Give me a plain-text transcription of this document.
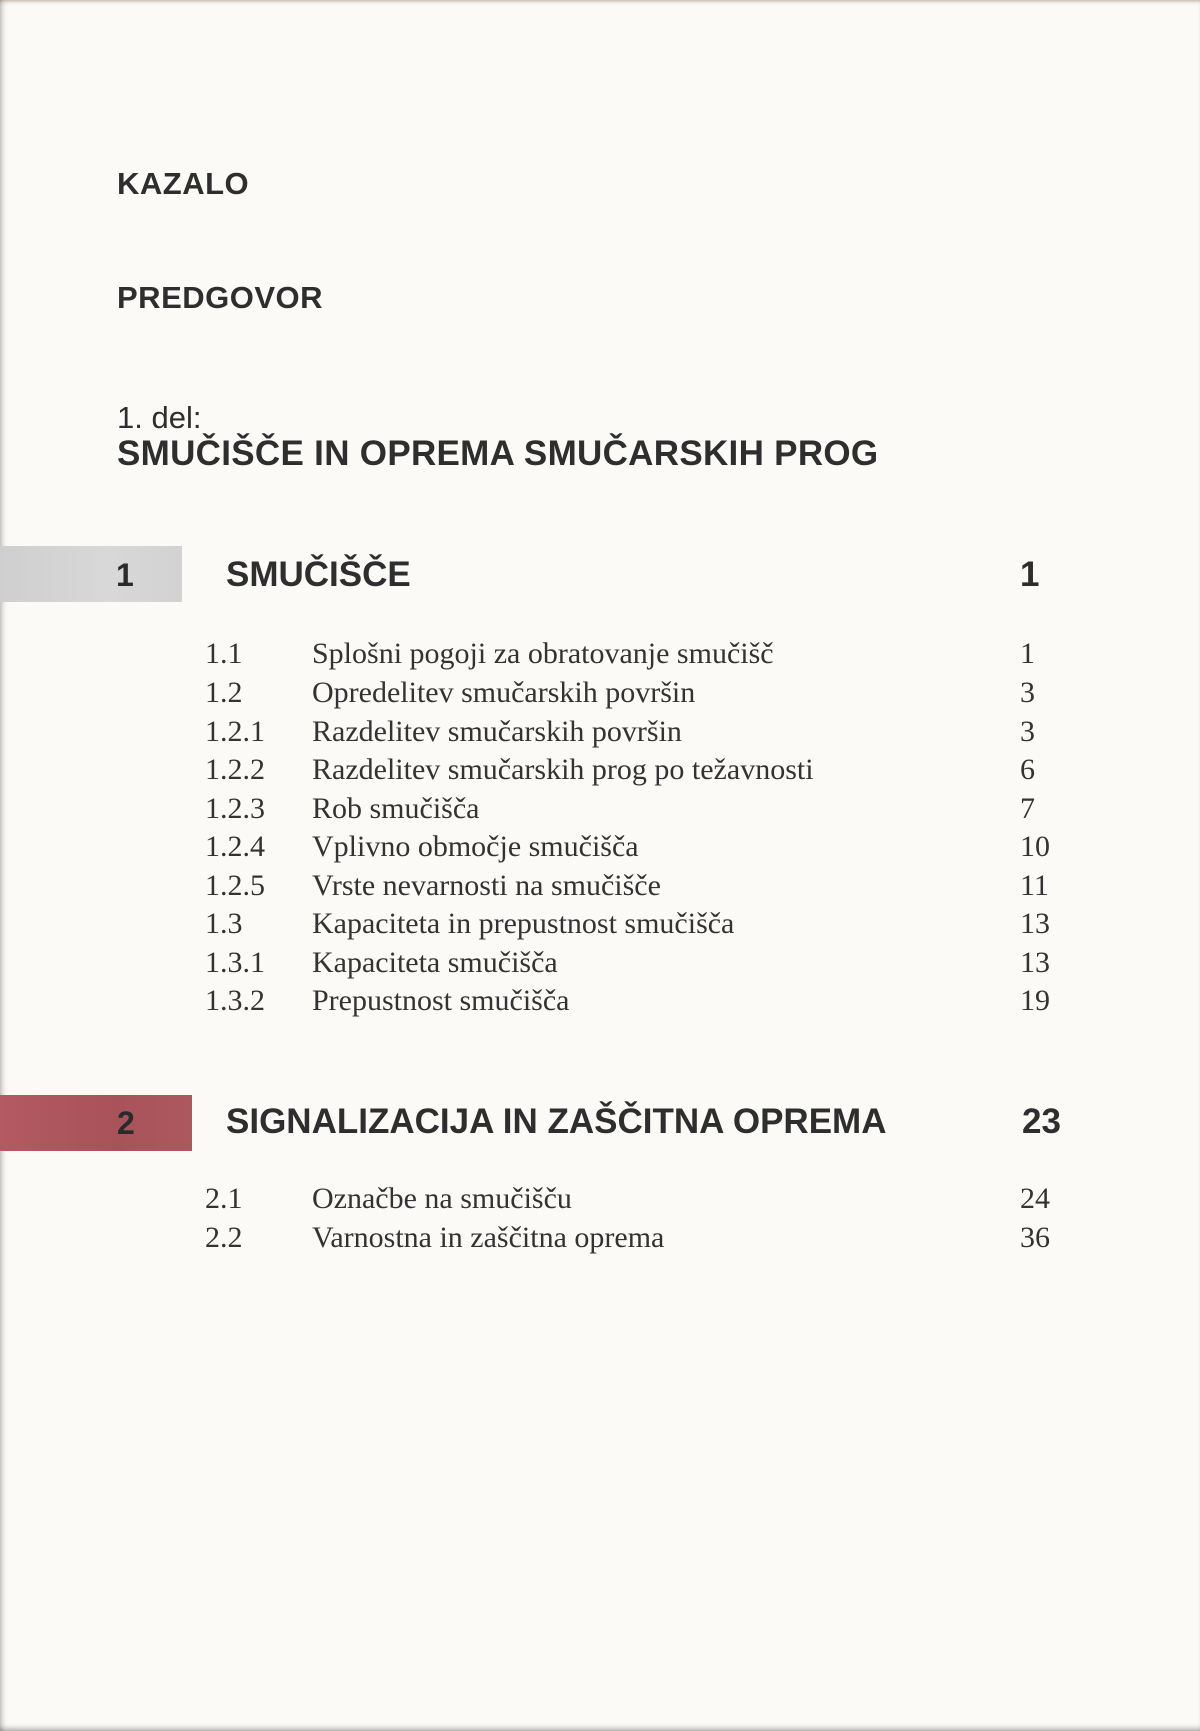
KAZALO
PREDGOVOR
1. del:
SMUČIŠČE IN OPREMA SMUČARSKIH PROG
1	SMUČIŠČE	1
1.1 Splošni pogoji za obratovanje smučišč	1
1.2 Opredelitev smučarskih površin	3
1.2.1 Razdelitev smučarskih površin	3
1.2.2 Razdelitev smučarskih prog po težavnosti	6
1.2.3 Rob smučišča	7
1.2.4 Vplivno območje smučišča	10
1.2.5 Vrste nevarnosti na smučišče	11
1.3 Kapaciteta in prepustnost smučišča	13
1.3.1 Kapaciteta smučišča	13
1.3.2 Prepustnost smučišča	19
2	SIGNALIZACIJA IN ZAŠČITNA OPREMA	23
2.1 Označbe na smučišču	24
2.2 Varnostna in zaščitna oprema	36
